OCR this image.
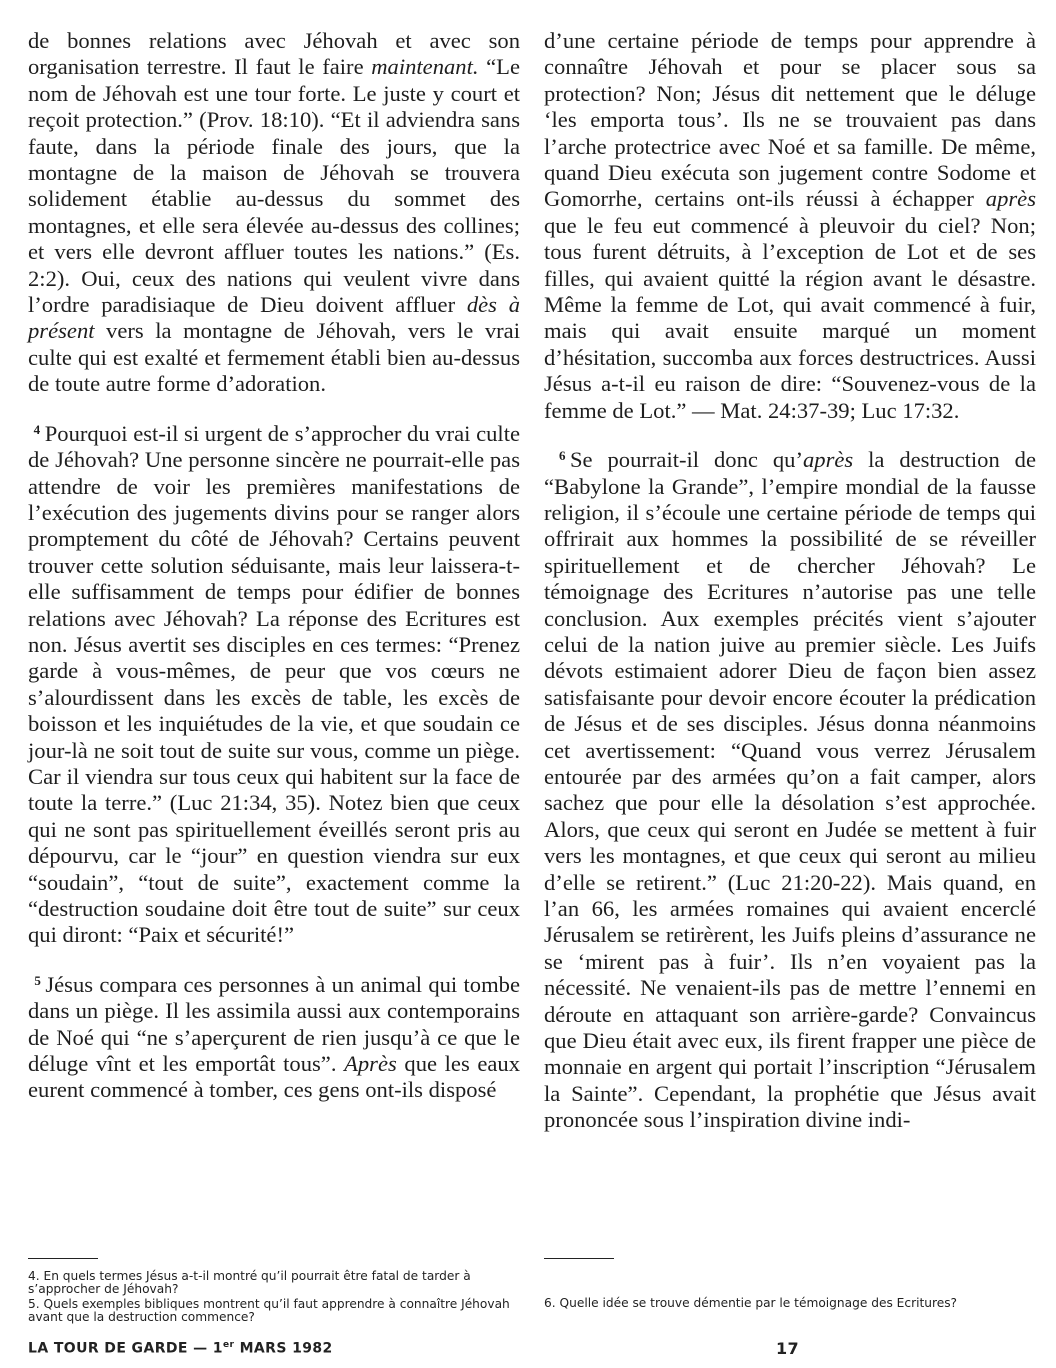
de bonnes relations avec Jéhovah et avec son organisation terrestre. Il faut le faire maintenant. “Le nom de Jéhovah est une tour forte. Le juste y court et reçoit protection.” (Prov. 18:10). “Et il adviendra sans faute, dans la période finale des jours, que la montagne de la maison de Jéhovah se trouvera solidement établie au-dessus du sommet des montagnes, et elle sera élevée au-dessus des collines; et vers elle devront affluer toutes les nations.” (Es. 2:2). Oui, ceux des nations qui veulent vivre dans l’ordre paradisiaque de Dieu doivent affluer dès à présent vers la montagne de Jéhovah, vers le vrai culte qui est exalté et fermement établi bien au-dessus de toute autre forme d’adoration.

$^4$  Pourquoi est-il si urgent de s’approcher du vrai culte de Jéhovah? Une personne sincère ne pourrait-elle pas attendre de voir les premières manifestations de l’exécution des jugements divins pour se ranger alors promptement du côté de Jéhovah? Certains peuvent trouver cette solution séduisante, mais leur laissera-t-elle suffisamment de temps pour édifier de bonnes relations avec Jéhovah? La réponse des Ecritures est non. Jésus avertit ses disciples en ces termes: “Prenez garde à vous-mêmes, de peur que vos cœurs ne s’alourdissent dans les excès de table, les excès de boisson et les inquiétudes de la vie, et que soudain ce jour-là ne soit tout de suite sur vous, comme un piège. Car il viendra sur tous ceux qui habitent sur la face de toute la terre.” (Luc 21:34, 35). Notez bien que ceux qui ne sont pas spirituellement éveillés seront pris au dépourvu, car le “jour” en question viendra sur eux “soudain”, “tout de suite”, exactement comme la “destruction soudaine doit être tout de suite” sur ceux qui diront: “Paix et sécurité!”

$^5$  Jésus compara ces personnes à un animal qui tombe dans un piège. Il les assimila aussi aux contemporains de Noé qui “ne s’aperçurent de rien jusqu’à ce que le déluge vînt et les emportât tous”. Après que les eaux eurent commencé à tomber, ces gens ont-ils disposé

d’une certaine période de temps pour apprendre à connaître Jéhovah et pour se placer sous sa protection? Non; Jésus dit nettement que le déluge ‘les emporta tous’. Ils ne se trouvaient pas dans l’arche protectrice avec Noé et sa famille. De même, quand Dieu exécuta son jugement contre Sodome et Gomorrhe, certains ont-ils réussi à échapper après que le feu eut commencé à pleuvoir du ciel? Non; tous furent détruits, à l’exception de Lot et de ses filles, qui avaient quitté la région avant le désastre. Même la femme de Lot, qui avait commencé à fuir, mais qui avait ensuite marqué un moment d’hésitation, succomba aux forces destructrices. Aussi Jésus a-t-il eu raison de dire: “Souvenez-vous de la femme de Lot.” — Mat. 24:37-39; Luc 17:32.

$^6$  Se pourrait-il donc qu’après la destruction de “Babylone la Grande”, l’empire mondial de la fausse religion, il s’écoule une certaine période de temps qui offrirait aux hommes la possibilité de se réveiller spirituellement et de chercher Jéhovah? Le témoignage des Ecritures n’autorise pas une telle conclusion. Aux exemples précités vient s’ajouter celui de la nation juive au premier siècle. Les Juifs dévots estimaient adorer Dieu de façon bien assez satisfaisante pour devoir encore écouter la prédication de Jésus et de ses disciples. Jésus donna néanmoins cet avertissement: “Quand vous verrez Jérusalem entourée par des armées qu’on a fait camper, alors sachez que pour elle la désolation s’est approchée. Alors, que ceux qui seront en Judée se mettent à fuir vers les montagnes, et que ceux qui seront au milieu d’elle se retirent.” (Luc 21:20-22). Mais quand, en l’an 66, les armées romaines qui avaient encerclé Jérusalem se retirèrent, les Juifs pleins d’assurance ne se ‘mirent pas à fuir’. Ils n’en voyaient pas la nécessité. Ne venaient-ils pas de mettre l’ennemi en déroute en attaquant son arrière-garde? Convaincus que Dieu était avec eux, ils firent frapper une pièce de monnaie en argent qui portait l’inscription “Jérusalem la Sainte”. Cependant, la prophétie que Jésus avait prononcée sous l’inspiration divine indi-

4. En quels termes Jésus a-t-il montré qu’il pourrait être fatal de tarder à s’approcher de Jéhovah?
5. Quels exemples bibliques montrent qu’il faut apprendre à connaître Jéhovah avant que la destruction commence?
6. Quelle idée se trouve démentie par le témoignage des Ecritures?
LA TOUR DE GARDE — 1er MARS 1982	17
